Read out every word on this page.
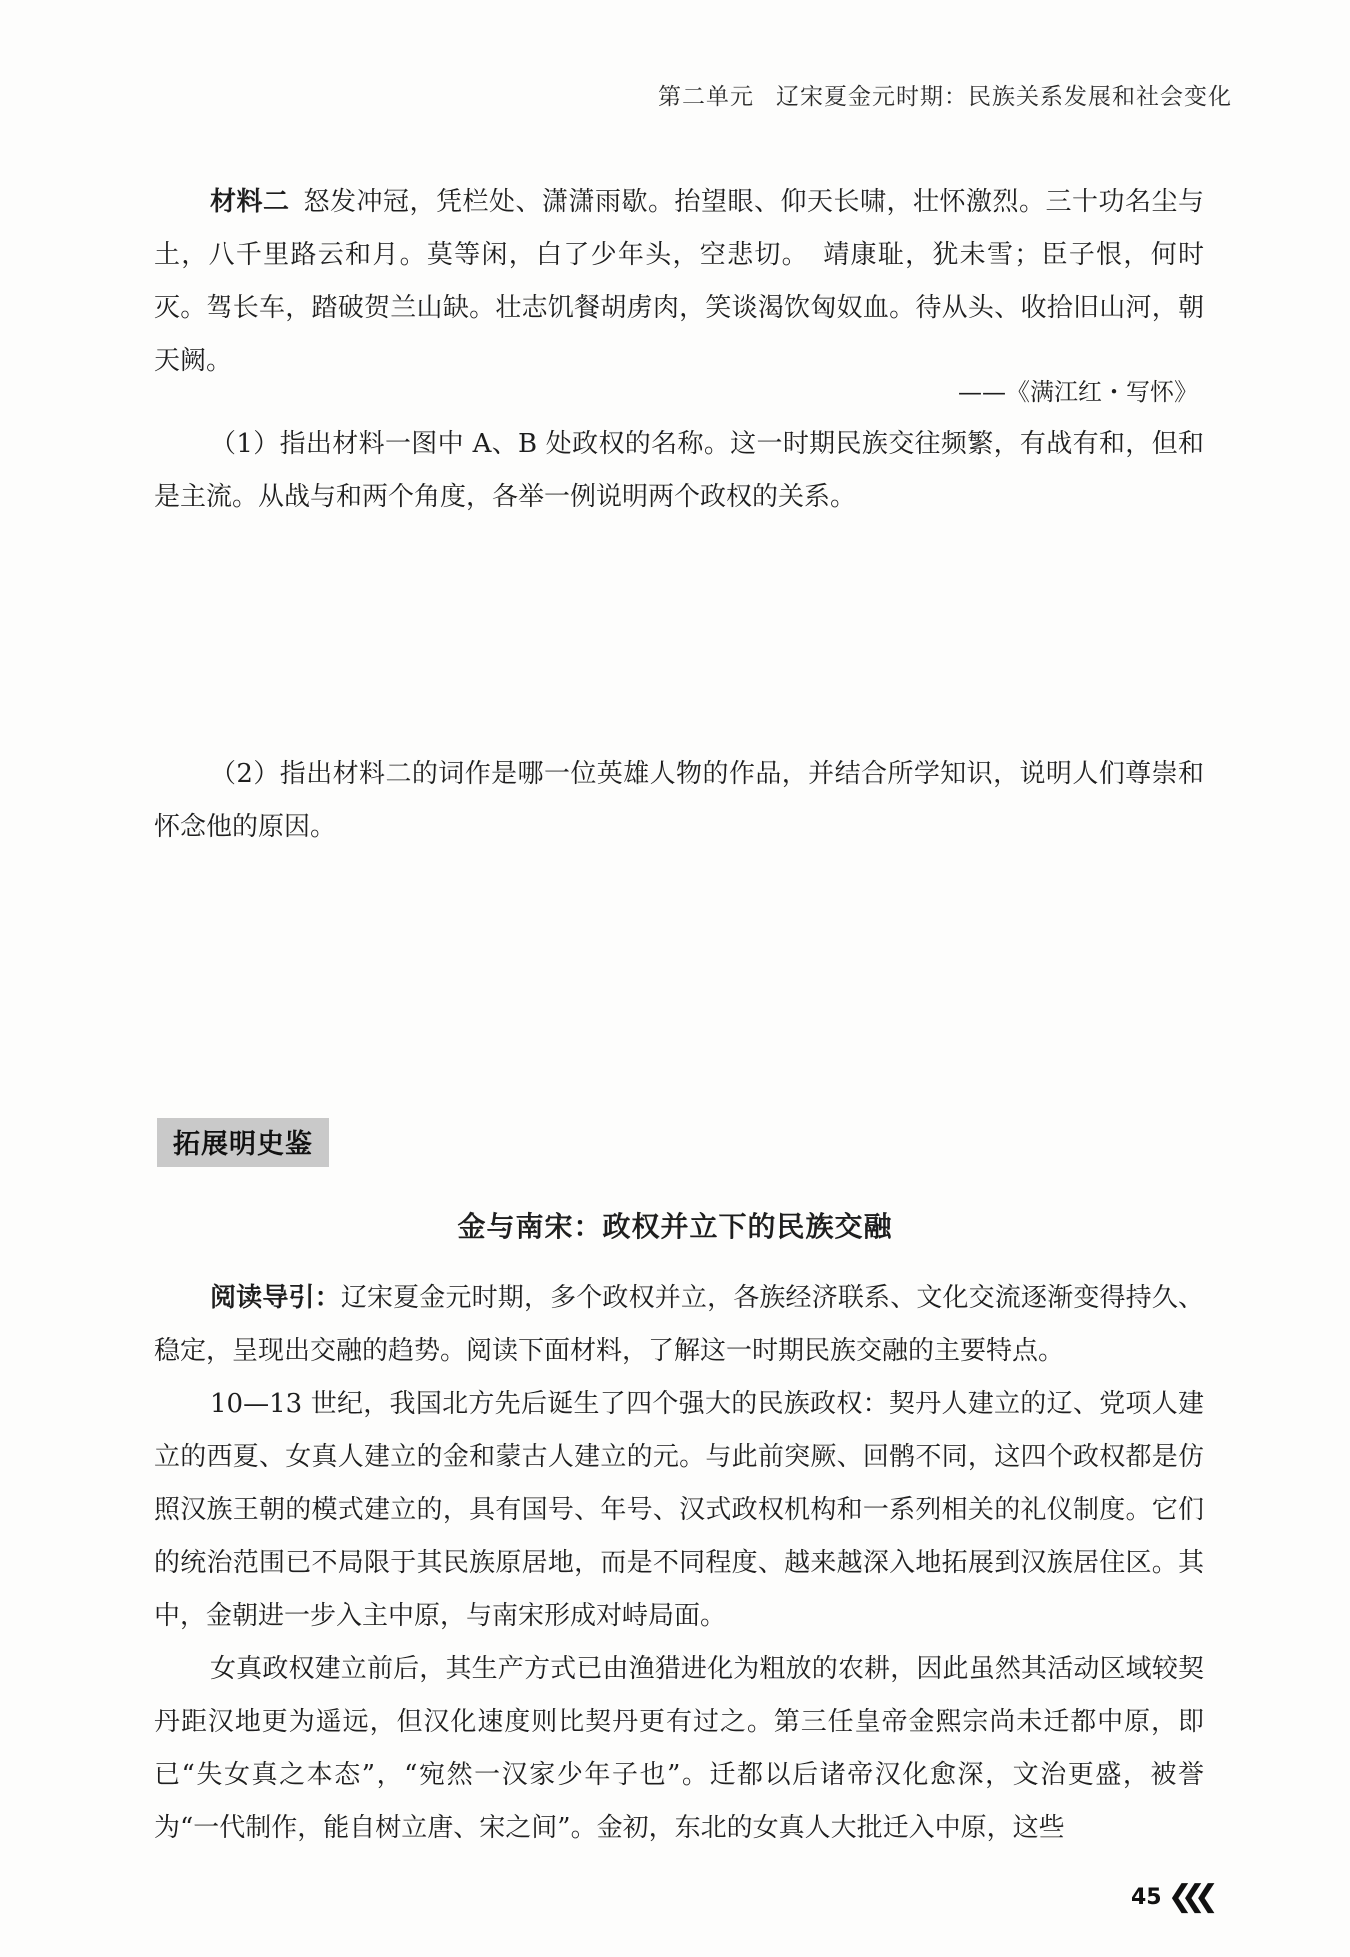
第二单元 辽宋夏金元时期：民族关系发展和社会变化

材料二 怒发冲冠，凭栏处、潇潇雨歇。抬望眼、仰天长啸，壮怀激烈。三十功名尘与土，八千里路云和月。莫等闲，白了少年头，空悲切。　靖康耻，犹未雪；臣子恨，何时灭。驾长车，踏破贺兰山缺。壮志饥餐胡虏肉，笑谈渴饮匈奴血。待从头、收拾旧山河，朝天阙。

——《满江红・写怀》

（1）指出材料一图中 A、B 处政权的名称。这一时期民族交往频繁，有战有和，但和是主流。从战与和两个角度，各举一例说明两个政权的关系。

（2）指出材料二的词作是哪一位英雄人物的作品，并结合所学知识，说明人们尊崇和怀念他的原因。

拓展明史鉴
金与南宋：政权并立下的民族交融

阅读导引：辽宋夏金元时期，多个政权并立，各族经济联系、文化交流逐渐变得持久、稳定，呈现出交融的趋势。阅读下面材料，了解这一时期民族交融的主要特点。

10—13 世纪，我国北方先后诞生了四个强大的民族政权：契丹人建立的辽、党项人建立的西夏、女真人建立的金和蒙古人建立的元。与此前突厥、回鹘不同，这四个政权都是仿照汉族王朝的模式建立的，具有国号、年号、汉式政权机构和一系列相关的礼仪制度。它们的统治范围已不局限于其民族原居地，而是不同程度、越来越深入地拓展到汉族居住区。其中，金朝进一步入主中原，与南宋形成对峙局面。

女真政权建立前后，其生产方式已由渔猎进化为粗放的农耕，因此虽然其活动区域较契丹距汉地更为遥远，但汉化速度则比契丹更有过之。第三任皇帝金熙宗尚未迁都中原，即已“失女真之本态”，“宛然一汉家少年子也”。迁都以后诸帝汉化愈深，文治更盛，被誉为“一代制作，能自树立唐、宋之间”。金初，东北的女真人大批迁入中原，这些

45 ❮ ❮ ❮
